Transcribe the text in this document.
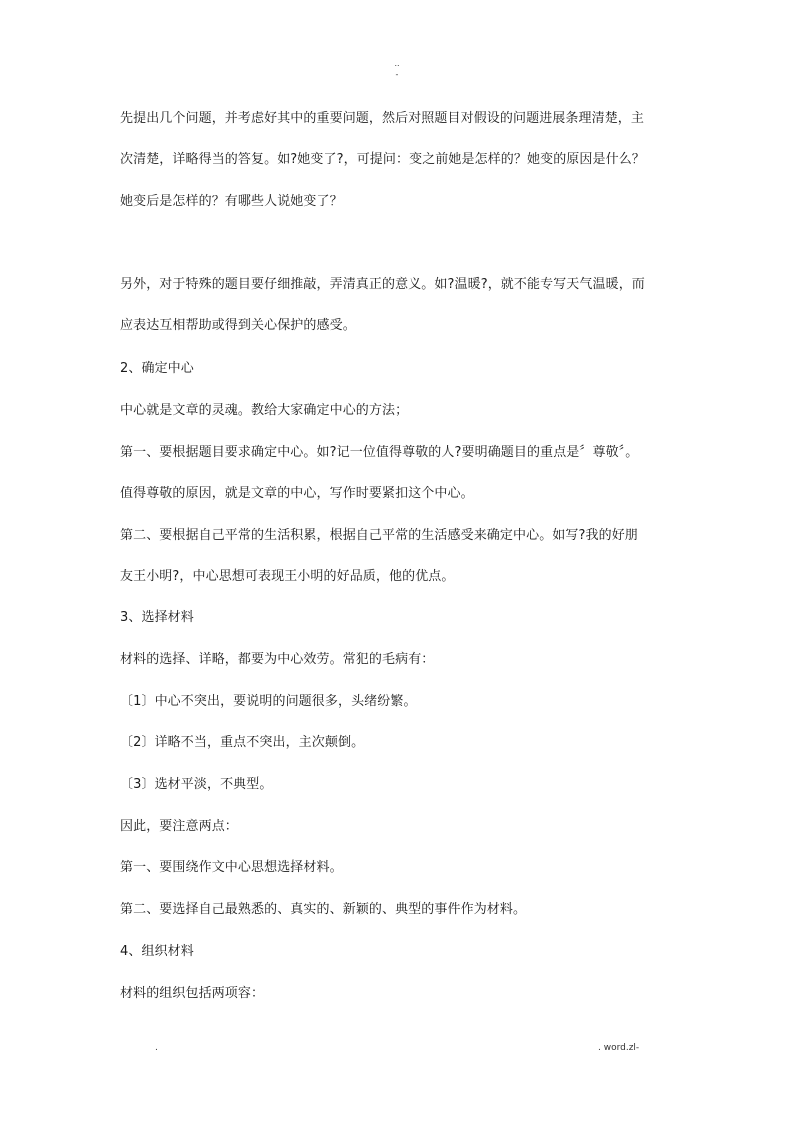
..
-
先提出几个问题，并考虑好其中的重要问题，然后对照题目对假设的问题进展条理清楚，主
次清楚，详略得当的答复。如?她变了?，可提问：变之前她是怎样的？她变的原因是什么？
她变后是怎样的？有哪些人说她变了？
另外，对于特殊的题目要仔细推敲，弄清真正的意义。如?温暖?，就不能专写天气温暖，而
应表达互相帮助或得到关心保护的感受。
2、确定中心
中心就是文章的灵魂。教给大家确定中心的方法；
第一、要根据题目要求确定中心。如?记一位值得尊敬的人?要明确题目的重点是〞尊敬〞。
值得尊敬的原因，就是文章的中心，写作时要紧扣这个中心。
第二、要根据自己平常的生活积累，根据自己平常的生活感受来确定中心。如写?我的好朋
友王小明?，中心思想可表现王小明的好品质，他的优点。
3、选择材料
材料的选择、详略，都要为中心效劳。常犯的毛病有：
〔1〕中心不突出，要说明的问题很多，头绪纷繁。
〔2〕详略不当，重点不突出，主次颠倒。
〔3〕选材平淡，不典型。
因此，要注意两点：
第一、要围绕作文中心思想选择材料。
第二、要选择自己最熟悉的、真实的、新颖的、典型的事件作为材料。
4、组织材料
材料的组织包括两项容：
.	. word.zl-
